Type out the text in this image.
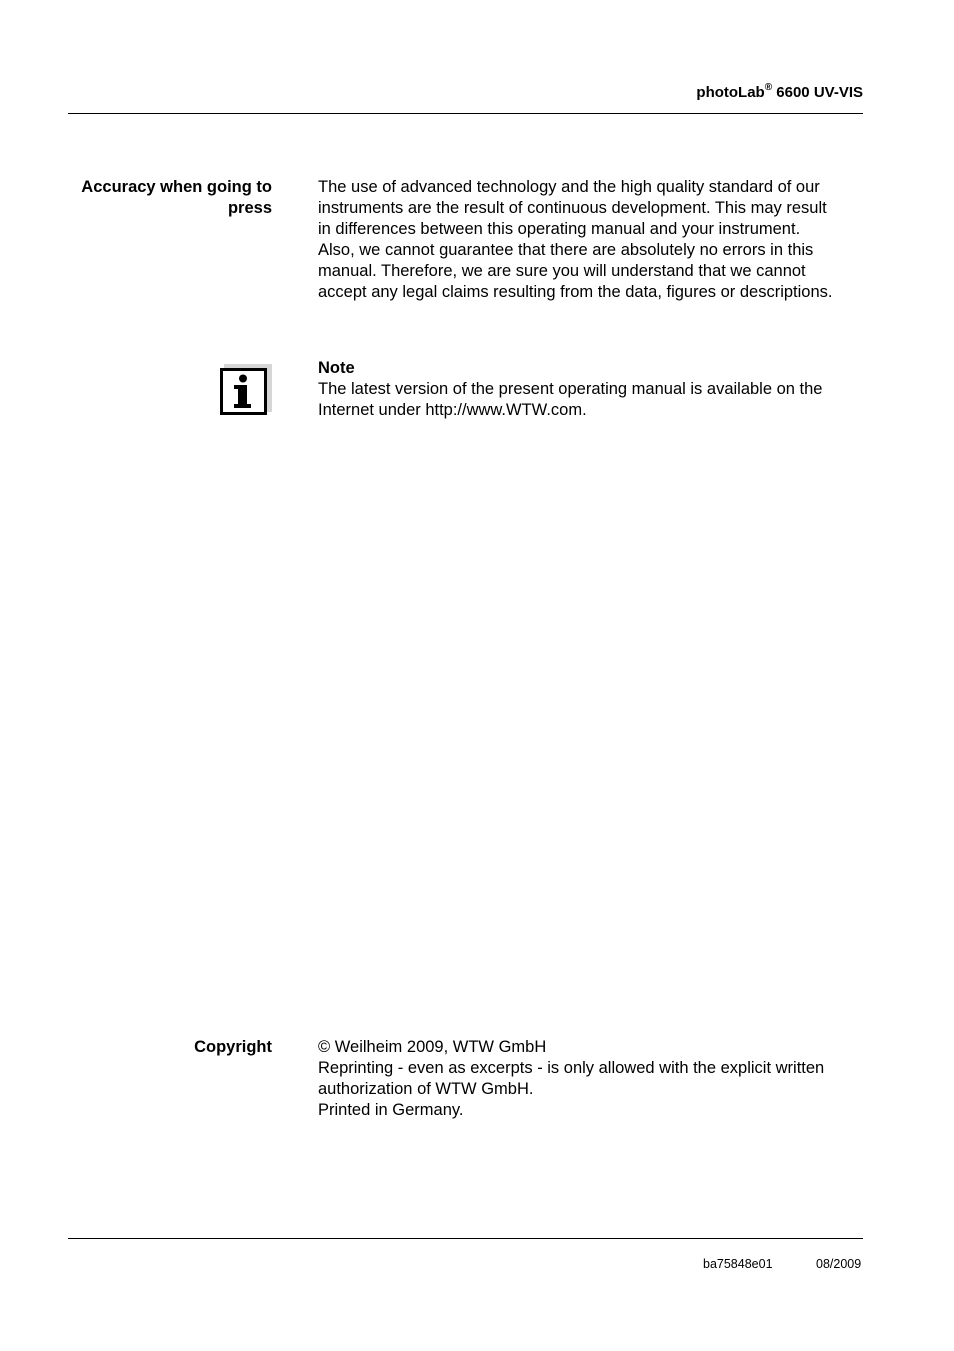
photoLab® 6600 UV-VIS
Accuracy when going to
press

The use of advanced technology and the high quality standard of our

instruments are the result of continuous development. This may result

in differences between this operating manual and your instrument.

Also, we cannot guarantee that there are absolutely no errors in this

manual. Therefore, we are sure you will understand that we cannot

accept any legal claims resulting from the data, figures or descriptions.

Note

The latest version of the present operating manual is available on the

Internet under http://www.WTW.com.

Copyright	© Weilheim 2009, WTW GmbH

Reprinting - even as excerpts - is only allowed with the explicit written

authorization of WTW GmbH.

Printed in Germany.

ba75848e01	08/2009
